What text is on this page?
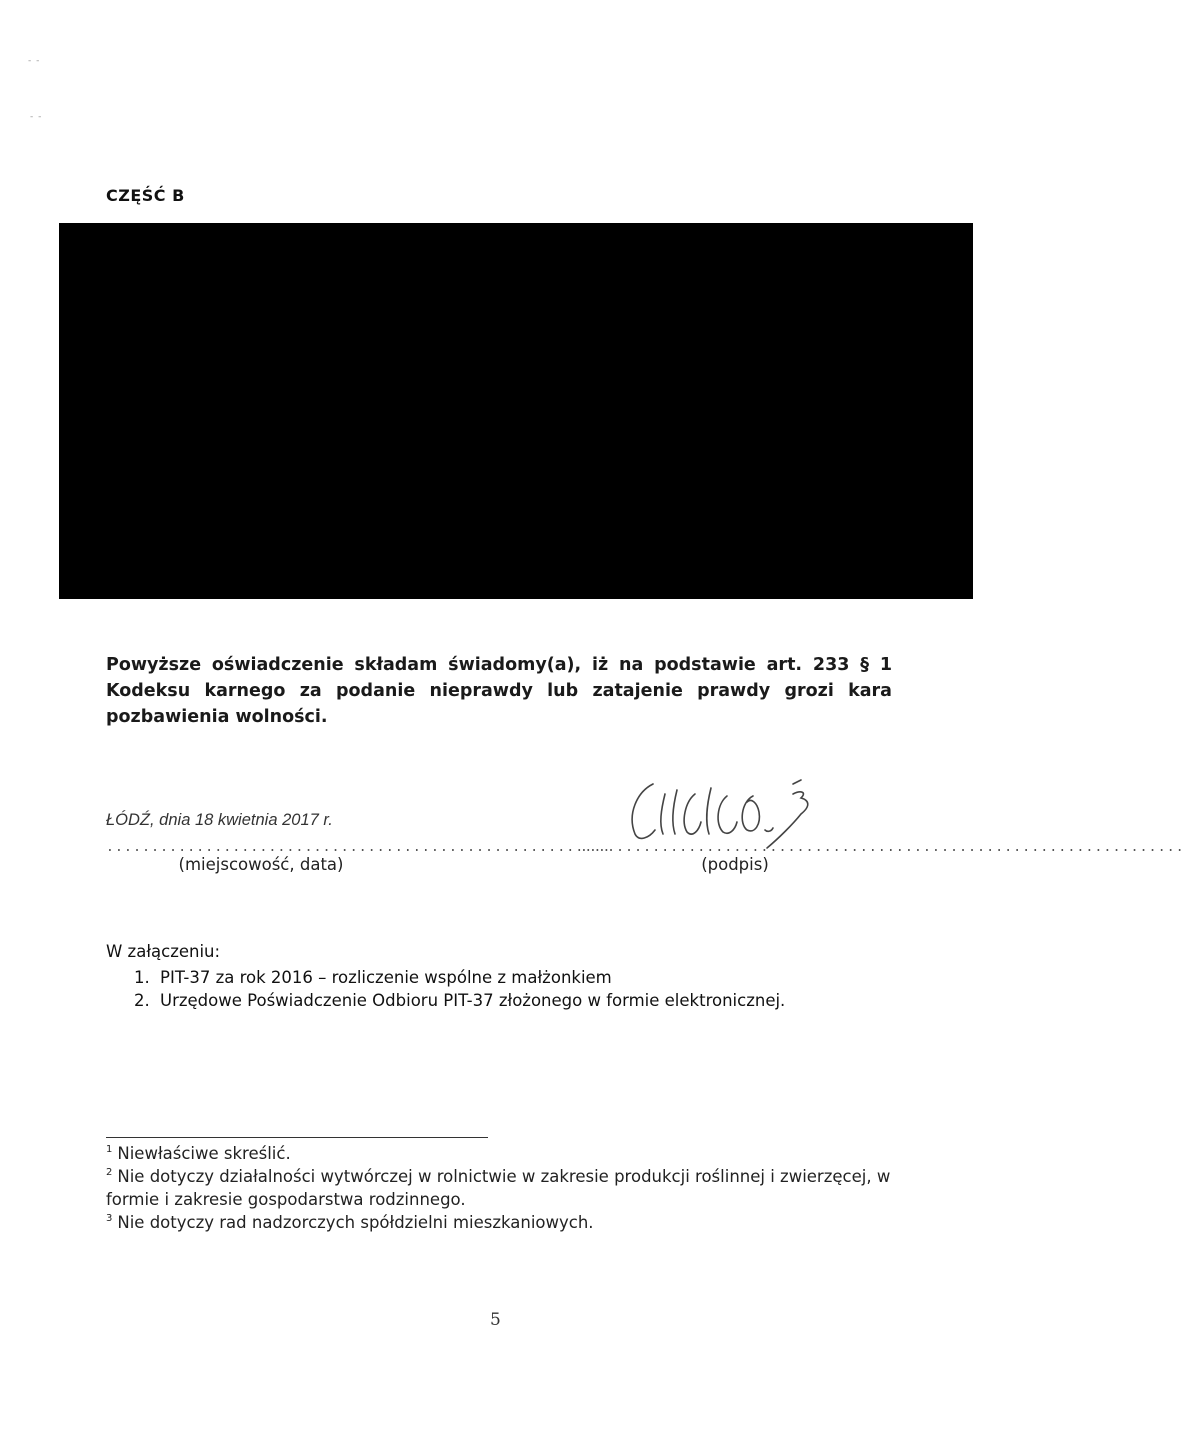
- -
- -
CZĘŚĆ B
Powyższe oświadczenie składam świadomy(a), iż na podstawie art. 233 § 1 Kodeksu karnego za podanie nieprawdy lub zatajenie prawdy grozi kara pozbawienia wolności.
ŁÓDŹ, dnia 18 kwietnia 2017 r.
........................................................
(miejscowość, data)
...................................................................
(podpis)
W załączeniu:
1. PIT-37 za rok 2016 – rozliczenie wspólne z małżonkiem
2. Urzędowe Poświadczenie Odbioru PIT-37 złożonego w formie elektronicznej.
$^1$ Niewłaściwe skreślić.
$^2$ Nie dotyczy działalności wytwórczej w rolnictwie w zakresie produkcji roślinnej i zwierzęcej, w formie i zakresie gospodarstwa rodzinnego.
$^3$ Nie dotyczy rad nadzorczych spółdzielni mieszkaniowych.
5
